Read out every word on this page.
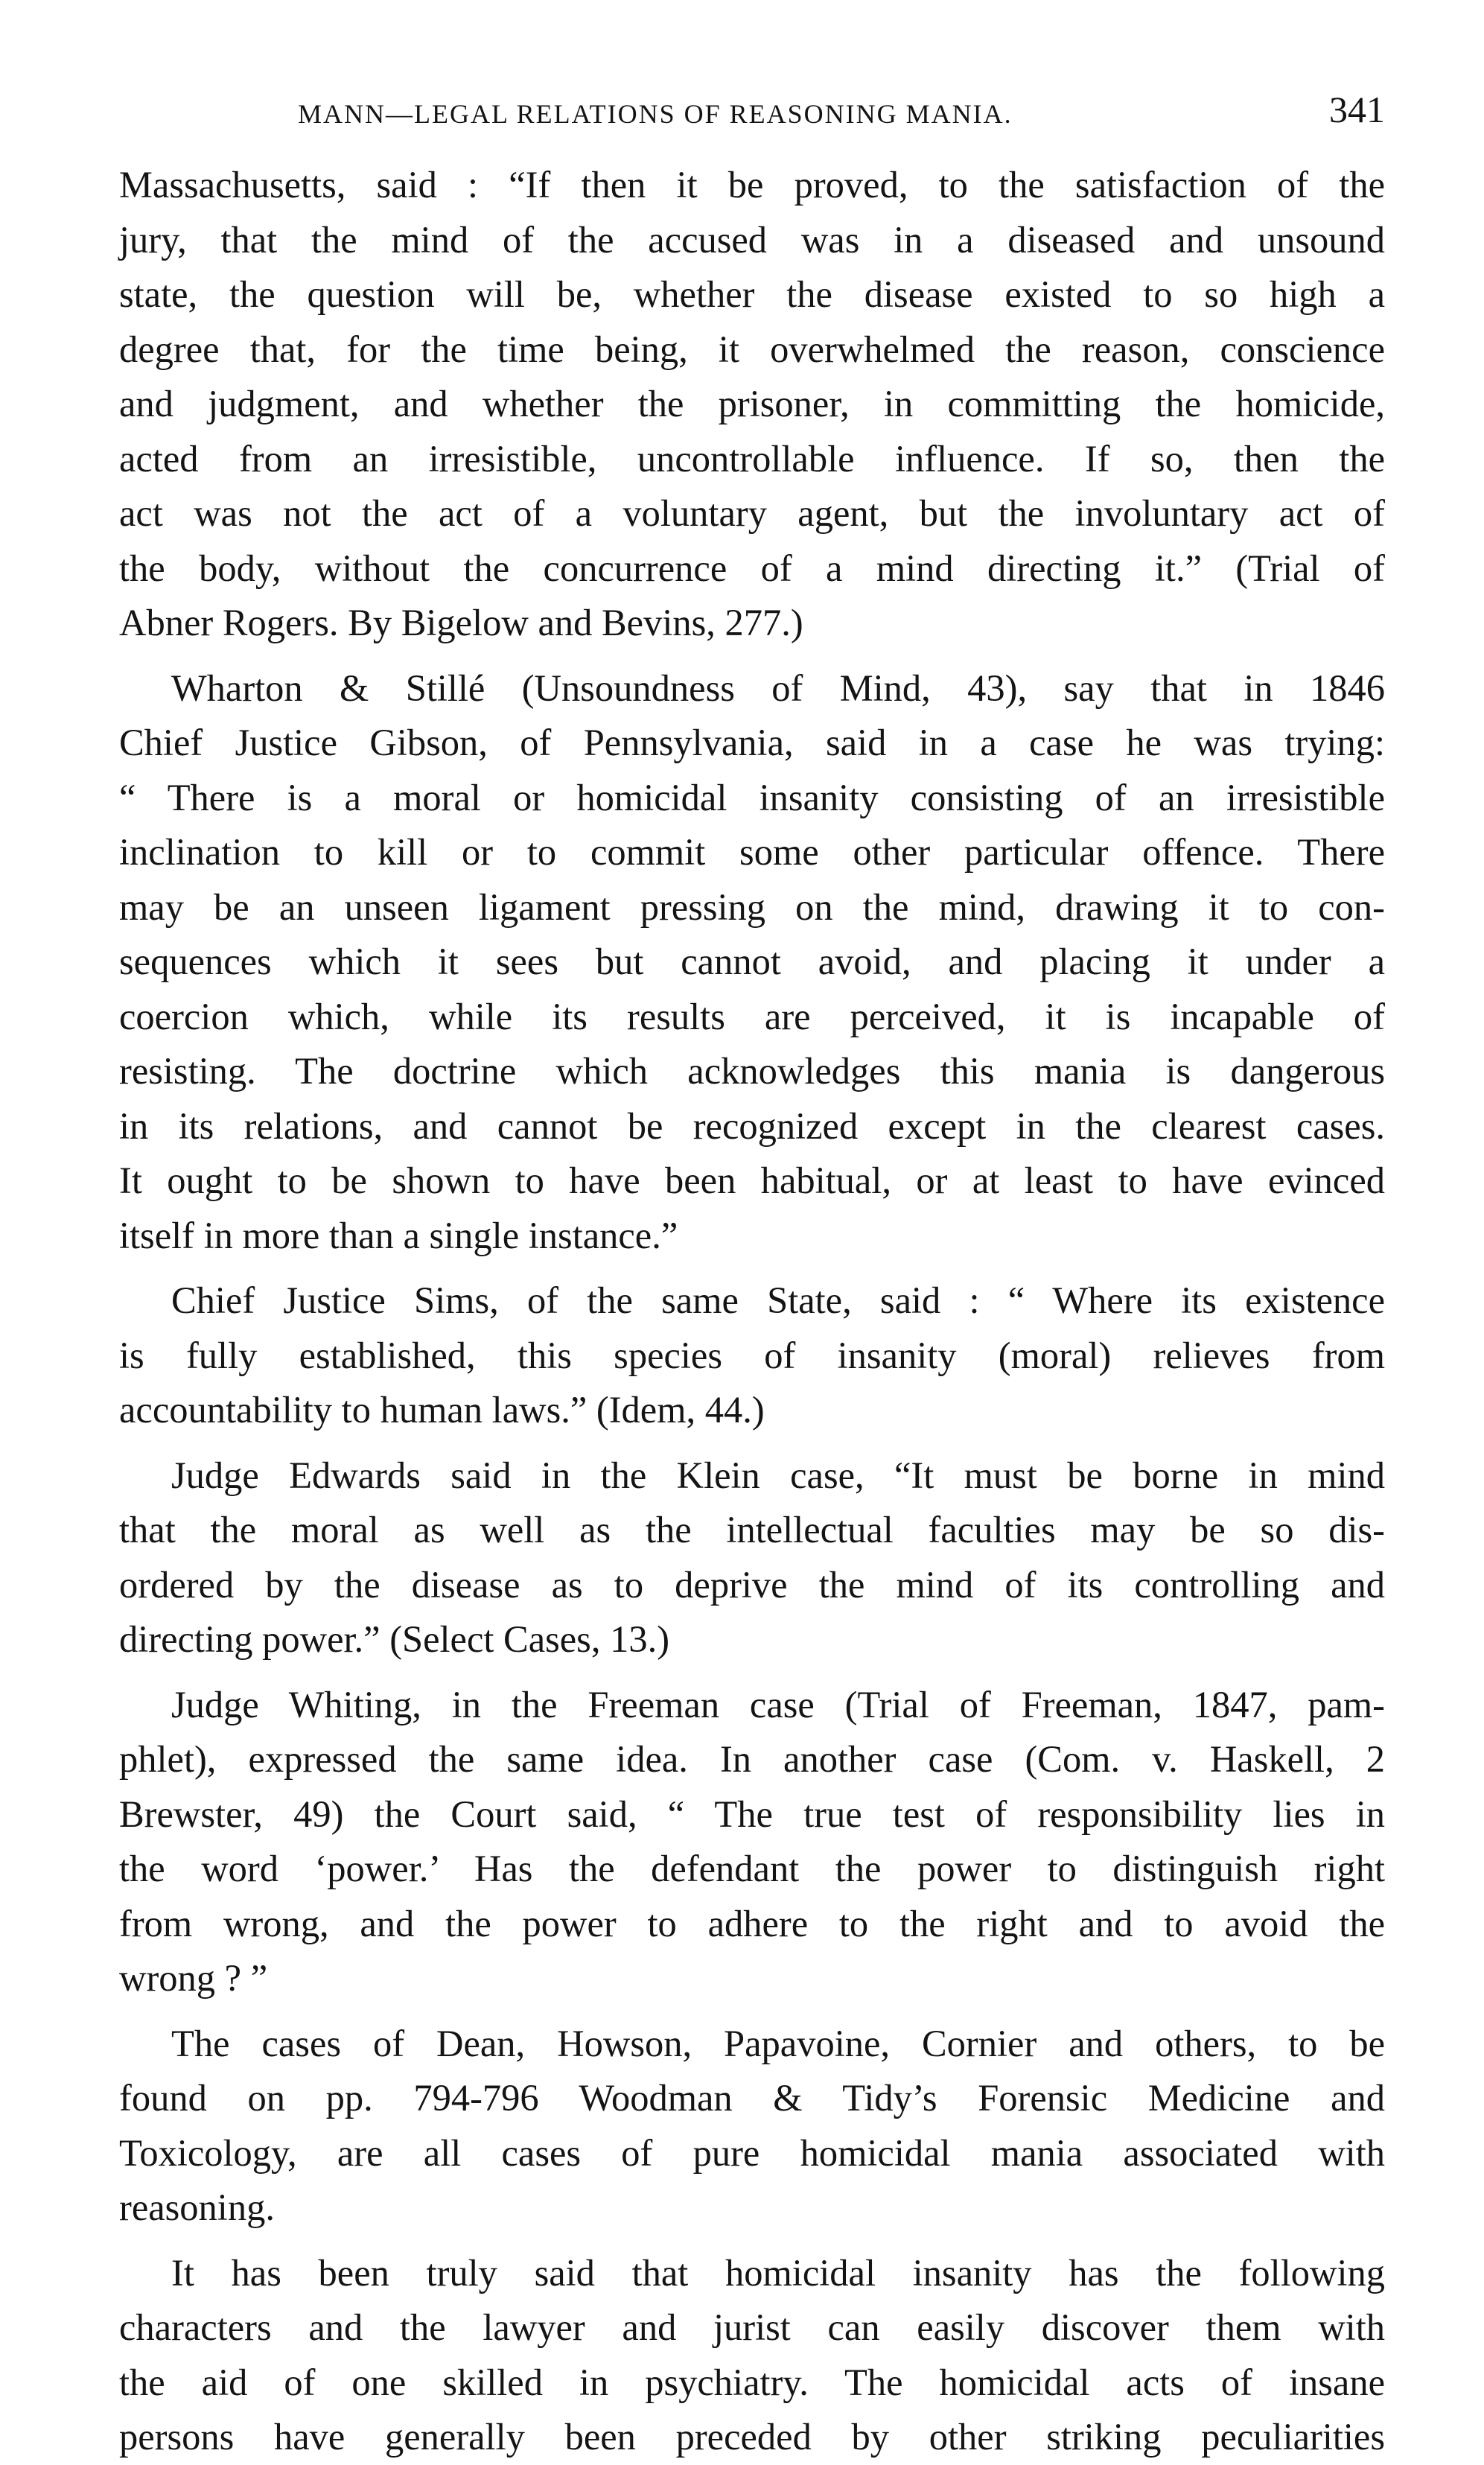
MANN—LEGAL RELATIONS OF REASONING MANIA.	341

Massachusetts, said : “If then it be proved, to the satisfaction of the
jury, that the mind of the accused was in a diseased and unsound
state, the question will be, whether the disease existed to so high a
degree that, for the time being, it overwhelmed the reason, conscience
and judgment, and whether the prisoner, in committing the homicide,
acted from an irresistible, uncontrollable influence. If so, then the
act was not the act of a voluntary agent, but the involuntary act of
the body, without the concurrence of a mind directing it.” (Trial of
Abner Rogers. By Bigelow and Bevins, 277.)

Wharton & Stillé (Unsoundness of Mind, 43), say that in 1846
Chief Justice Gibson, of Pennsylvania, said in a case he was trying:
“ There is a moral or homicidal insanity consisting of an irresistible
inclination to kill or to commit some other particular offence. There
may be an unseen ligament pressing on the mind, drawing it to con-
sequences which it sees but cannot avoid, and placing it under a
coercion which, while its results are perceived, it is incapable of
resisting. The doctrine which acknowledges this mania is dangerous
in its relations, and cannot be recognized except in the clearest cases.
It ought to be shown to have been habitual, or at least to have evinced
itself in more than a single instance.”

Chief Justice Sims, of the same State, said : “ Where its existence
is fully established, this species of insanity (moral) relieves from
accountability to human laws.” (Idem, 44.)

Judge Edwards said in the Klein case, “It must be borne in mind
that the moral as well as the intellectual faculties may be so dis-
ordered by the disease as to deprive the mind of its controlling and
directing power.” (Select Cases, 13.)

Judge Whiting, in the Freeman case (Trial of Freeman, 1847, pam-
phlet), expressed the same idea. In another case (Com. v. Haskell, 2
Brewster, 49) the Court said, “ The true test of responsibility lies in
the word ‘power.’ Has the defendant the power to distinguish right
from wrong, and the power to adhere to the right and to avoid the
wrong ? ”

The cases of Dean, Howson, Papavoine, Cornier and others, to be
found on pp. 794-796 Woodman & Tidy’s Forensic Medicine and
Toxicology, are all cases of pure homicidal mania associated with
reasoning.

It has been truly said that homicidal insanity has the following
characters and the lawyer and jurist can easily discover them with
the aid of one skilled in psychiatry. The homicidal acts of insane
persons have generally been preceded by other striking peculiarities
